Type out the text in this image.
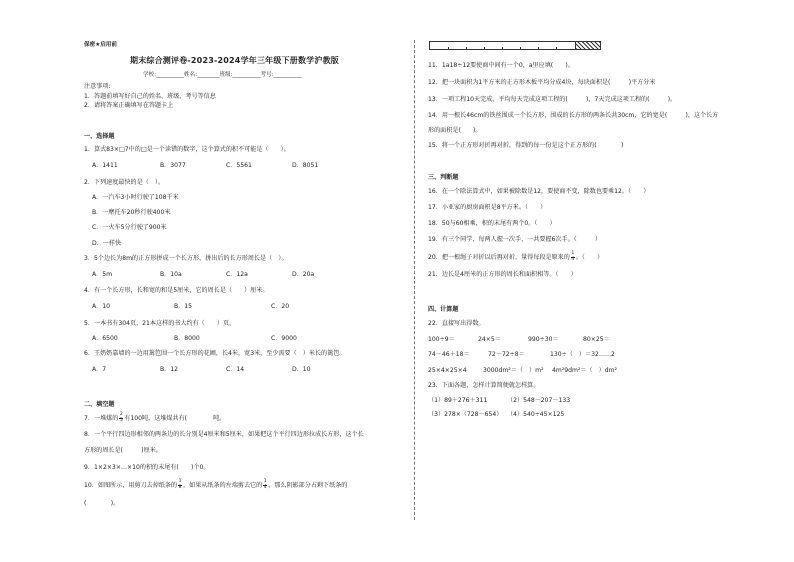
保密★启用前
期末综合测评卷-2023-2024学年三年级下册数学沪教版
学校:__________姓名:________班级:__________考号:__________
注意事项:
1．答题前填写好自己的姓名、班级、考号等信息
2．请将答案正确填写在答题卡上
一、选择题
1．算式83×□7中的□是一个读错的数字，这个算式的积不可能是（　　）。
A．1411	B．3077	C．5561	D．8051
2．下列速度最快的是（　）。
A．一汽车3小时行驶了108千米
B．一摩托车20秒行驶400米
C．一火车5分行驶了900米
D．一样快
3．5个边长为8m的正方形拼成一个长方形，拼出后的长方形周长是（　）。
A．5m	B．10a	C．12a	D．20a
4．有一个长方形，长和宽的和是5厘米，它的周长是（　　）厘米。
A．10	B．15	C．20
5．一本书有304页，21本这样的书大约有（　　）页。
A．6500	B．8000	C．9000
6．王奶奶靠墙的一边用篱笆围一个长方形的花圃，长4米，宽3米，至少需要（　）米长的篱笆。
A．7	B．12	C．14	D．10
二、填空题
7．一堆煤的 $\frac{2}{5}$ 有100吨，这堆煤共有(	吨。
8．一个平行四边形相邻的两条边的长分别是4厘米和5厘米，如果把这个平行四边形拉成长方形，这个长
方形的周长是(　　　)厘米。
9．1×2×3×…×10的积的末尾有(　　)个0。
10．如图所示，用剪刀去掉纸条的 $\frac{1}{8}$ ，如果从纸条的左端剪去它的 $\frac{1}{4}$ ，那么阴影部分占剩下纸条的
(　　　　)。
11．1a18÷12要使商中间有一个0，a里应填(　　)。
12．把一块面积为1平方米的正方形木板平均分成4块，每块面积是(　　　)平方分米
13．一项工程10天完成，平均每天完成这项工程的(　　　)，7天完成这项工程的(　　　)。
14．用一根长46cm的铁丝围成一个长方形，围成的长方形的两条长共30cm，它的宽是(　　　)，这个长方
形的面积是(　　)。
15．将一个正方形对折再对折，得到的每一份是这个正方形的(　　　　)
三、判断题
16．在一个除法算式中，如果被除数是12，要使商不变，除数也要乘12。（　　）
17．小亚家的厨房面积是8平方米。（　　）
18．50与60相乘，积的末尾有两个0。（　　）
19．有三个同学，每两人握一次手，一共要握6次手。（　　　）
20．把一根绳子对折以后再对折，量得每段是原来的 $\frac{1}{4}$ 。（　　）
21．边长是4厘米的正方形的周长和面积相等。（　　）
四、计算题
22．直接写出得数。
100÷9＝	24×5＝	990÷30＝	80×25＝
74－46＋18＝	72－72÷8＝	130÷（　）＝32……2
25×4×25×4	3000dm²＝（　）m² 4m²9dm²＝（　）dm²
23．下面各题，怎样计算简便就怎样算。
（1）89＋276＋311	（2）548－207－133
（3）278×（728－654） （4）540÷45×125
